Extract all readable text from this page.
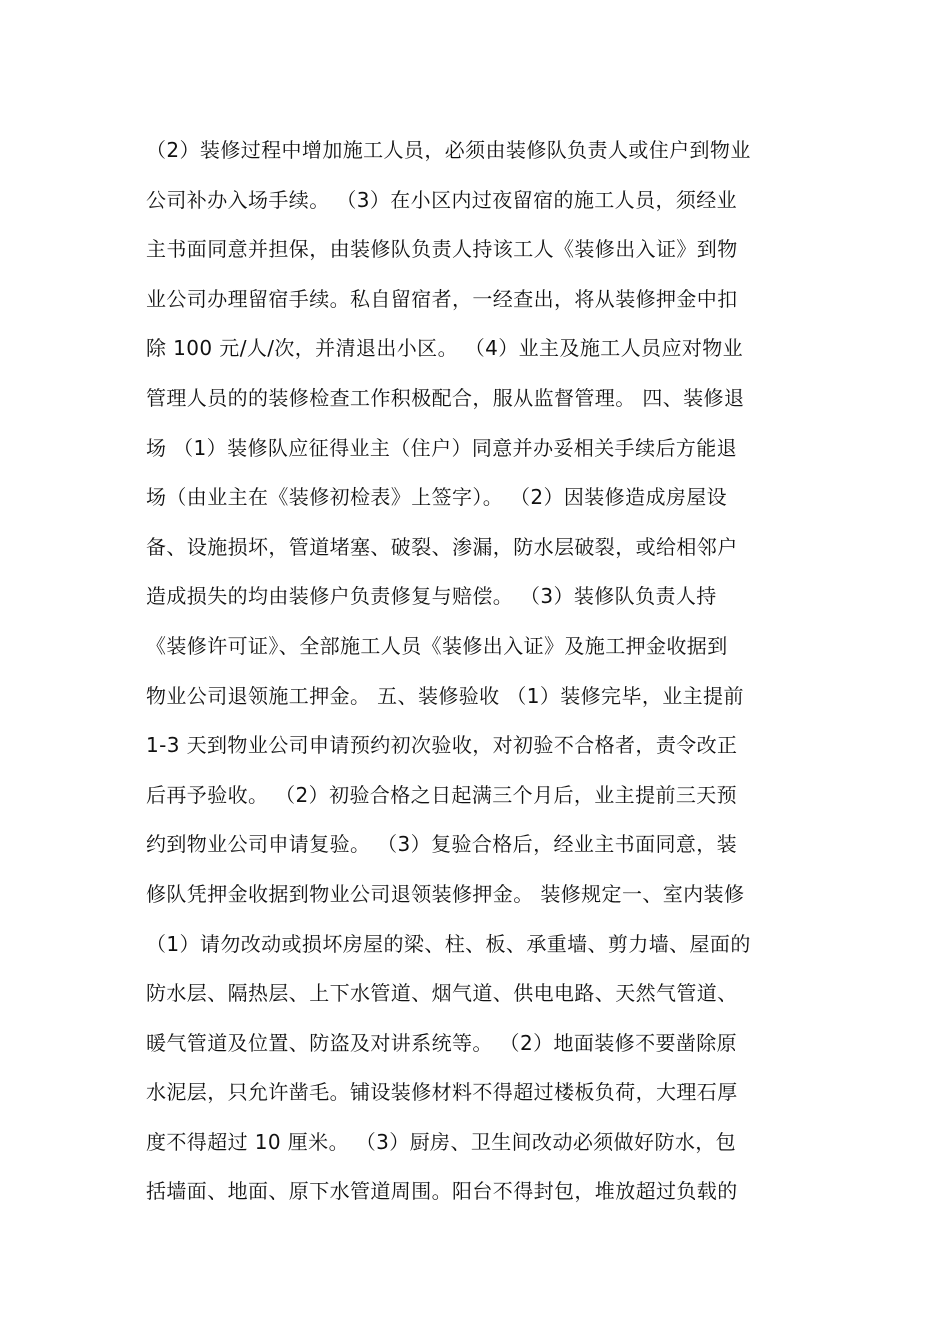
（2）装修过程中增加施工人员，必须由装修队负责人或住户到物业
公司补办入场手续。 （3）在小区内过夜留宿的施工人员，须经业
主书面同意并担保，由装修队负责人持该工人《装修出入证》到物
业公司办理留宿手续。私自留宿者，一经查出，将从装修押金中扣
除 100 元/人/次，并清退出小区。 （4）业主及施工人员应对物业
管理人员的的装修检查工作积极配合，服从监督管理。 四、装修退
场 （1）装修队应征得业主（住户）同意并办妥相关手续后方能退
场（由业主在《装修初检表》上签字）。 （2）因装修造成房屋设
备、设施损坏，管道堵塞、破裂、渗漏，防水层破裂，或给相邻户
造成损失的均由装修户负责修复与赔偿。 （3）装修队负责人持
《装修许可证》、全部施工人员《装修出入证》及施工押金收据到
物业公司退领施工押金。 五、装修验收 （1）装修完毕，业主提前
1-3 天到物业公司申请预约初次验收，对初验不合格者，责令改正
后再予验收。 （2）初验合格之日起满三个月后，业主提前三天预
约到物业公司申请复验。 （3）复验合格后，经业主书面同意，装
修队凭押金收据到物业公司退领装修押金。 装修规定一、室内装修
（1）请勿改动或损坏房屋的梁、柱、板、承重墙、剪力墙、屋面的
防水层、隔热层、上下水管道、烟气道、供电电路、天然气管道、
暖气管道及位置、防盗及对讲系统等。 （2）地面装修不要凿除原
水泥层，只允许凿毛。铺设装修材料不得超过楼板负荷，大理石厚
度不得超过 10 厘米。 （3）厨房、卫生间改动必须做好防水，包
括墙面、地面、原下水管道周围。阳台不得封包，堆放超过负载的
